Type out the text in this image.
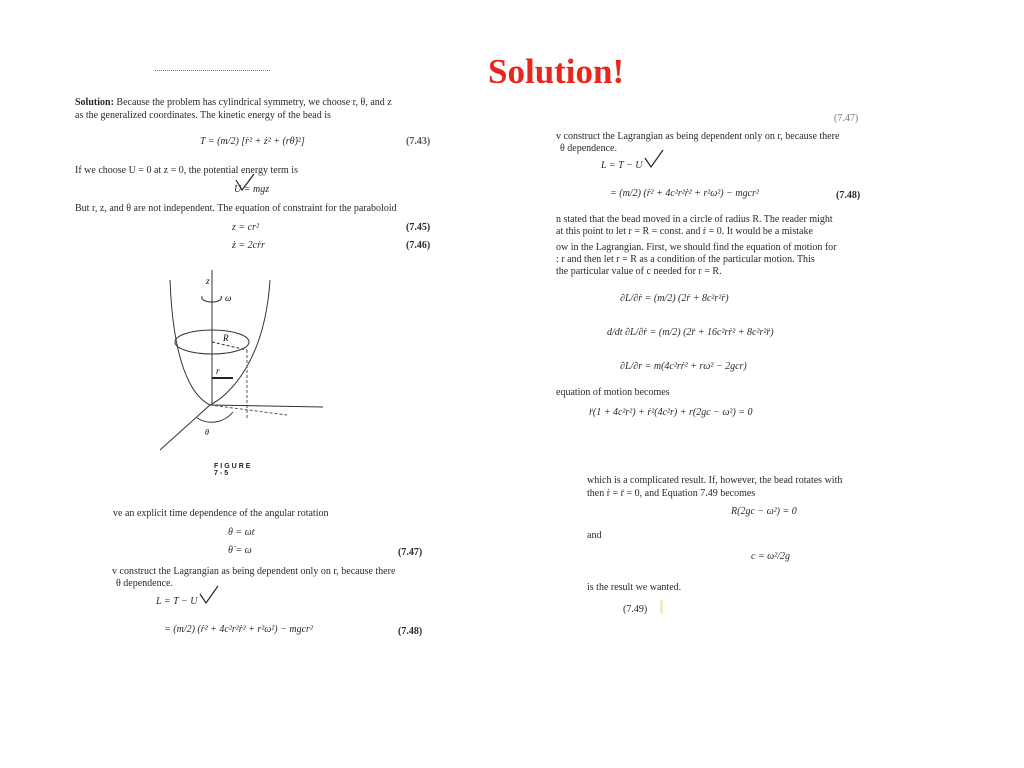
Solution!
Solution: Because the problem has cylindrical symmetry, we choose r, θ, and z
as the generalized coordinates. The kinetic energy of the bead is
T = (m/2) [ṙ² + ż² + (rθ̇)²]	(7.43)
If we choose U = 0 at z = 0, the potential energy term is
U = mgz
But r, z, and θ are not independent. The equation of constraint for the paraboloid
z = cr²	(7.45)
ż = 2cṙr	(7.46)
z
ω
R
r
θ
FIGURE 7-5
ve an explicit time dependence of the angular rotation
θ = ωt
θ̇ = ω	(7.47)
v construct the Lagrangian as being dependent only on r, because there
θ dependence.
L = T − U
= (m/2) (ṙ² + 4c²r²ṙ² + r²ω²) − mgcr²	(7.48)
(7.47)
v construct the Lagrangian as being dependent only on r, because there
θ dependence.
L = T − U
= (m/2) (ṙ² + 4c²r²ṙ² + r²ω²) − mgcr²	(7.48)
n stated that the bead moved in a circle of radius R. The reader might
at this point to let r = R = const. and ṙ = 0. It would be a mistake
ow in the Lagrangian. First, we should find the equation of motion for
: r and then let r = R as a condition of the particular motion. This
the particular value of c needed for r = R.
∂L/∂ṙ = (m/2) (2ṙ + 8c²r²ṙ)
d/dt ∂L/∂ṙ = (m/2) (2r̈ + 16c²rṙ² + 8c²r²r̈)
∂L/∂r = m(4c²rṙ² + rω² − 2gcr)
equation of motion becomes
r̈(1 + 4c²r²) + ṙ²(4c²r) + r(2gc − ω²) = 0
which is a complicated result. If, however, the bead rotates with
then ṙ = r̈ = 0, and Equation 7.49 becomes
R(2gc − ω²) = 0
and
c = ω²/2g
is the result we wanted.
(7.49)
